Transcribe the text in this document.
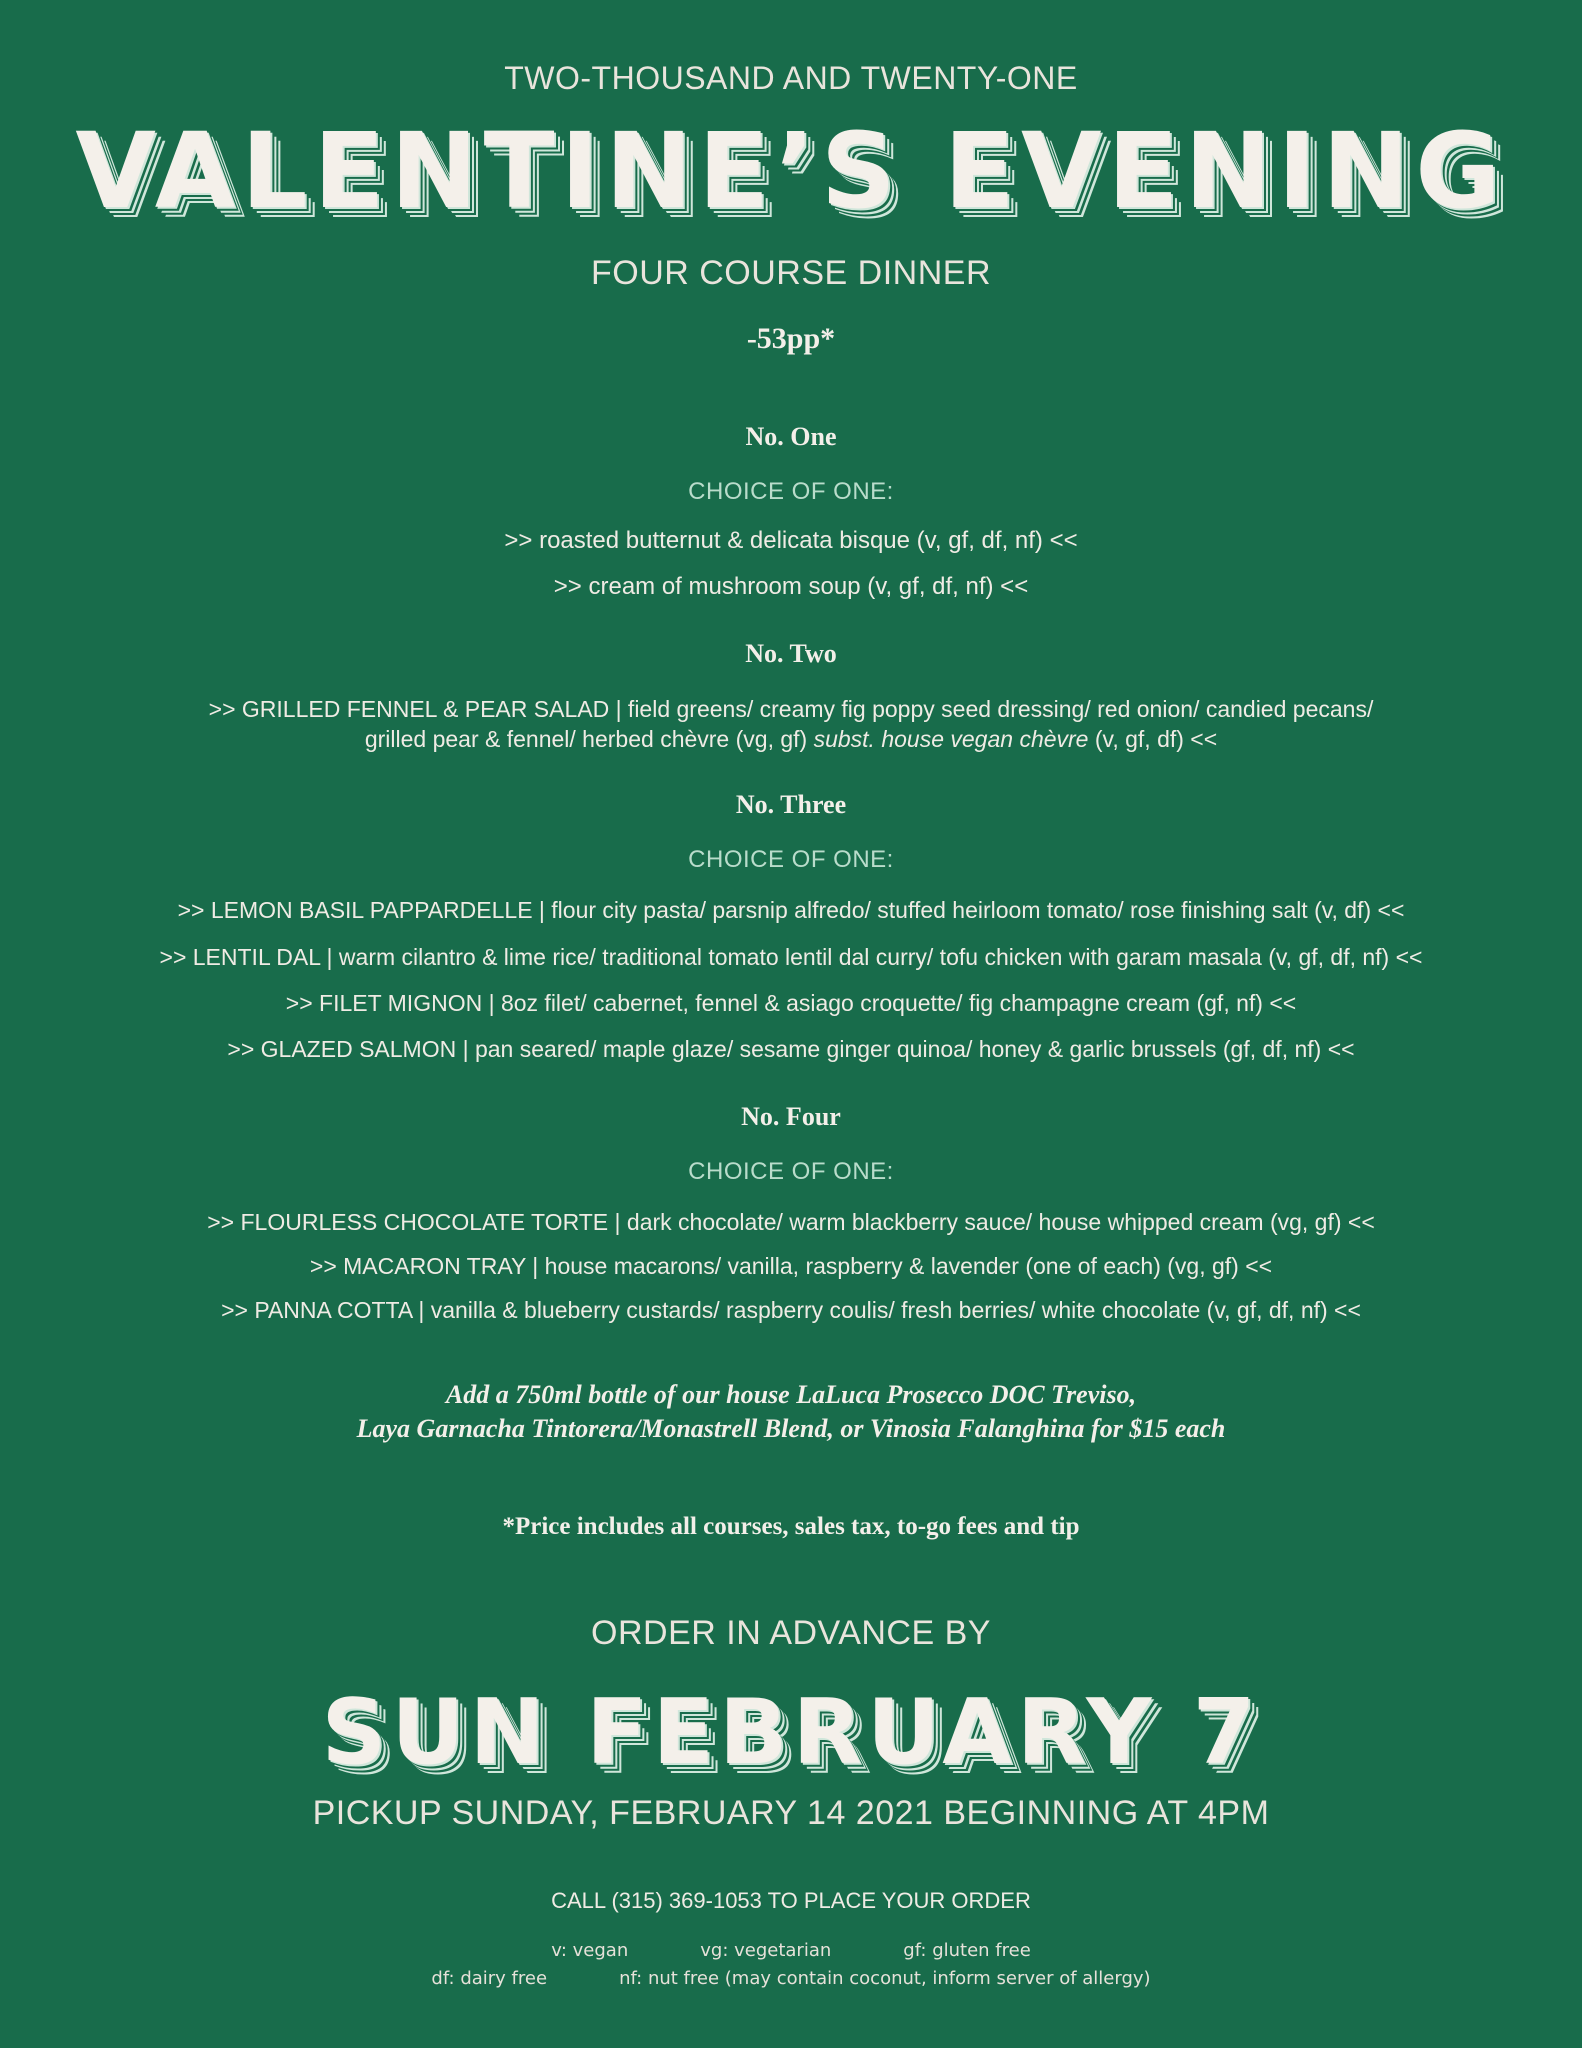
TWO-THOUSAND AND TWENTY-ONE
VALENTINE’S EVENING
FOUR COURSE DINNER
-53pp*
No. One
CHOICE OF ONE:
>> roasted butternut & delicata bisque (v, gf, df, nf) <<
>> cream of mushroom soup (v, gf, df, nf) <<
No. Two
>> GRILLED FENNEL & PEAR SALAD | field greens/ creamy fig poppy seed dressing/ red onion/ candied pecans/
grilled pear & fennel/ herbed chèvre (vg, gf) subst. house vegan chèvre (v, gf, df) <<
No. Three
CHOICE OF ONE:
>> LEMON BASIL PAPPARDELLE | flour city pasta/ parsnip alfredo/ stuffed heirloom tomato/ rose finishing salt (v, df) <<
>> LENTIL DAL | warm cilantro & lime rice/ traditional tomato lentil dal curry/ tofu chicken with garam masala (v, gf, df, nf) <<
>> FILET MIGNON | 8oz filet/ cabernet, fennel & asiago croquette/ fig champagne cream (gf, nf) <<
>> GLAZED SALMON | pan seared/ maple glaze/ sesame ginger quinoa/ honey & garlic brussels (gf, df, nf) <<
No. Four
CHOICE OF ONE:
>> FLOURLESS CHOCOLATE TORTE | dark chocolate/ warm blackberry sauce/ house whipped cream (vg, gf) <<
>> MACARON TRAY | house macarons/ vanilla, raspberry & lavender (one of each) (vg, gf) <<
>> PANNA COTTA | vanilla & blueberry custards/ raspberry coulis/ fresh berries/ white chocolate (v, gf, df, nf) <<
Add a 750ml bottle of our house LaLuca Prosecco DOC Treviso,
Laya Garnacha Tintorera/Monastrell Blend, or Vinosia Falanghina for $15 each
*Price includes all courses, sales tax, to-go fees and tip
ORDER IN ADVANCE BY
SUN FEBRUARY 7
PICKUP SUNDAY, FEBRUARY 14 2021 BEGINNING AT 4PM
CALL (315) 369-1053 TO PLACE YOUR ORDER
v: vegan	vg: vegetarian	gf: gluten free
df: dairy free	nf: nut free (may contain coconut, inform server of allergy)
